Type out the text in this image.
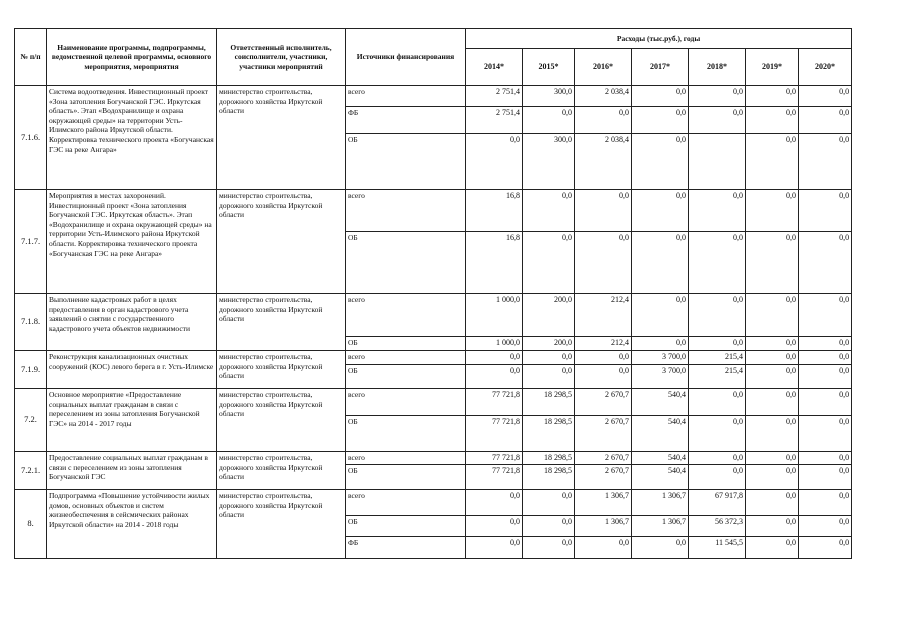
№ п/п	Наименование программы, подпрограммы, ведомственной целевой программы, основного мероприятия, мероприятия	Ответственный исполнитель, соисполнители, участники, участники мероприятий	Источники финансирования	Расходы (тыс.руб.), годы						
				2014*	2015*	2016*	2017*	2018*	2019*	2020*
7.1.6.	Система водоотведения. Инвестиционный проект «Зона затопления Богучанской ГЭС. Иркутская область». Этап «Водохранилище и охрана окружающей среды» на территории Усть-Илимского района Иркутской области. Корректировка технического проекта «Богучанская ГЭС на реке Ангара»	министерство строительства, дорожного хозяйства Иркутской области	всего	2 751,4	300,0	2 038,4	0,0	0,0	0,0	0,0
			ФБ	2 751,4	0,0	0,0	0,0	0,0	0,0	0,0
			ОБ	0,0	300,0	2 038,4	0,0		0,0	0,0
7.1.7.	Мероприятия в местах захоронений. Инвестиционный проект «Зона затопления Богучанской ГЭС. Иркутская область». Этап «Водохранилище и охрана окружающей среды» на территории Усть-Илимского района Иркутской области. Корректировка технического проекта «Богучанская ГЭС на реке Ангара»	министерство строительства, дорожного хозяйства Иркутской области	всего	16,8	0,0	0,0	0,0	0,0	0,0	0,0
			ОБ	16,8	0,0	0,0	0,0	0,0	0,0	0,0
7.1.8.	Выполнение кадастровых работ в целях предоставления в орган кадастрового учета заявлений о снятии с государственного кадастрового учета объектов недвижимости	министерство строительства, дорожного хозяйства Иркутской области	всего	1 000,0	200,0	212,4	0,0	0,0	0,0	0,0
			ОБ	1 000,0	200,0	212,4	0,0	0,0	0,0	0,0
7.1.9.	Реконструкция канализационных очистных сооружений (КОС) левого берега в г. Усть-Илимске	министерство строительства, дорожного хозяйства Иркутской области	всего	0,0	0,0	0,0	3 700,0	215,4	0,0	0,0
			ОБ	0,0	0,0	0,0	3 700,0	215,4	0,0	0,0
7.2.	Основное мероприятие «Предоставление социальных выплат гражданам в связи с переселением из зоны затопления Богучанской ГЭС» на 2014 - 2017 годы	министерство строительства, дорожного хозяйства Иркутской области	всего	77 721,8	18 298,5	2 670,7	540,4	0,0	0,0	0,0
			ОБ	77 721,8	18 298,5	2 670,7	540,4	0,0	0,0	0,0
7.2.1.	Предоставление социальных выплат гражданам в связи с переселением из зоны затопления Богучанской ГЭС	министерство строительства, дорожного хозяйства Иркутской области	всего	77 721,8	18 298,5	2 670,7	540,4	0,0	0,0	0,0
			ОБ	77 721,8	18 298,5	2 670,7	540,4	0,0	0,0	0,0
8.	Подпрограмма «Повышение устойчивости жилых домов, основных объектов и систем жизнеобеспечения в сейсмических районах Иркутской области» на 2014 - 2018 годы	министерство строительства, дорожного хозяйства Иркутской области	всего	0,0	0,0	1 306,7	1 306,7	67 917,8	0,0	0,0
			ОБ	0,0	0,0	1 306,7	1 306,7	56 372,3	0,0	0,0
			ФБ	0,0	0,0	0,0	0,0	11 545,5	0,0	0,0
